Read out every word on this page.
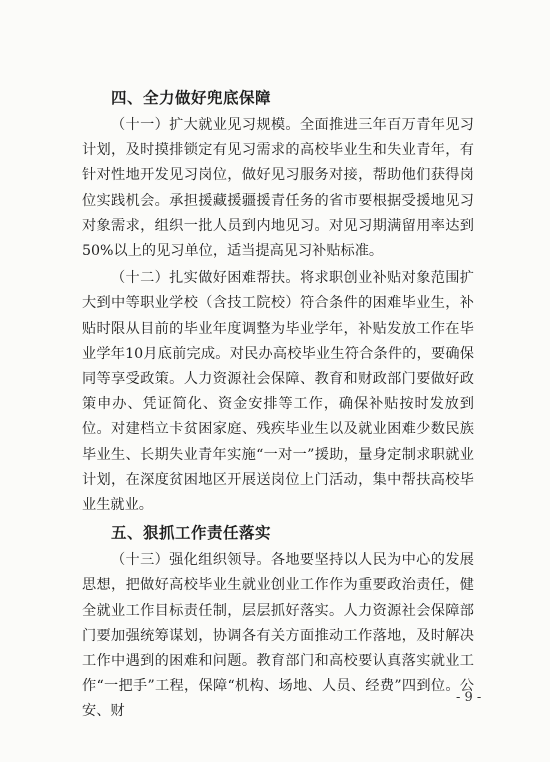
四、全力做好兜底保障

（十一）扩大就业见习规模。全面推进三年百万青年见习计划，及时摸排锁定有见习需求的高校毕业生和失业青年，有针对性地开发见习岗位，做好见习服务对接，帮助他们获得岗位实践机会。承担援藏援疆援青任务的省市要根据受援地见习对象需求，组织一批人员到内地见习。对见习期满留用率达到50%以上的见习单位，适当提高见习补贴标准。

（十二）扎实做好困难帮扶。将求职创业补贴对象范围扩大到中等职业学校（含技工院校）符合条件的困难毕业生，补贴时限从目前的毕业年度调整为毕业学年，补贴发放工作在毕业学年10月底前完成。对民办高校毕业生符合条件的，要确保同等享受政策。人力资源社会保障、教育和财政部门要做好政策申办、凭证简化、资金安排等工作，确保补贴按时发放到位。对建档立卡贫困家庭、残疾毕业生以及就业困难少数民族毕业生、长期失业青年实施“一对一”援助，量身定制求职就业计划，在深度贫困地区开展送岗位上门活动，集中帮扶高校毕业生就业。

五、狠抓工作责任落实

（十三）强化组织领导。各地要坚持以人民为中心的发展思想，把做好高校毕业生就业创业工作作为重要政治责任，健全就业工作目标责任制，层层抓好落实。人力资源社会保障部门要加强统筹谋划，协调各有关方面推动工作落地，及时解决工作中遇到的困难和问题。教育部门和高校要认真落实就业工作“一把手”工程，保障“机构、场地、人员、经费”四到位。公安、财

- 9 -
